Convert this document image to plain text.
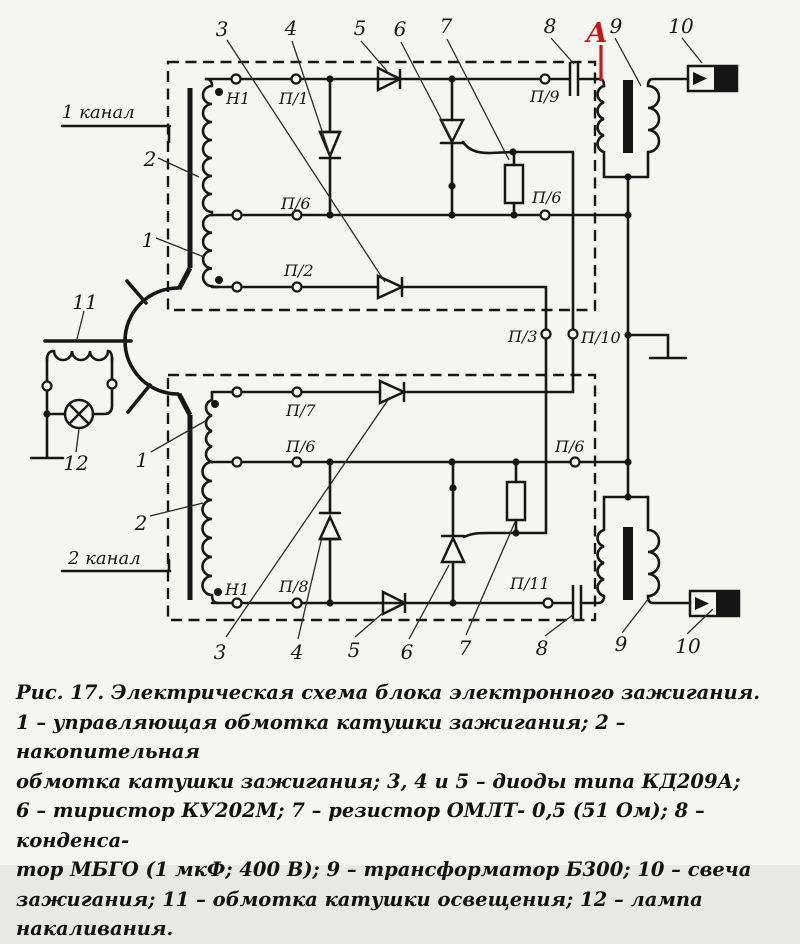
1 канал
2 канал
А
Н1 П/1
П/6	П/6
П/9
П/2
П/3	П/10
П/7
П/6	П/6
Н1 П/8	П/11
3	4	5 6 7	8	9 10
3	4 5 6 7	8	9 10
2
1
11
12 1
2
Рис. 17. Электрическая схема блока электронного зажигания.
1 – управляющая обмотка катушки зажигания; 2 – накопительная
обмотка катушки зажигания; 3, 4 и 5 – диоды типа КД209А;
6 – тиристор КУ202М; 7 – резистор ОМЛТ- 0,5 (51 Ом); 8 – конденса-
тор МБГО (1 мкФ; 400 В); 9 – трансформатор Б300; 10 – свеча
зажигания; 11 – обмотка катушки освещения; 12 – лампа накаливания.
